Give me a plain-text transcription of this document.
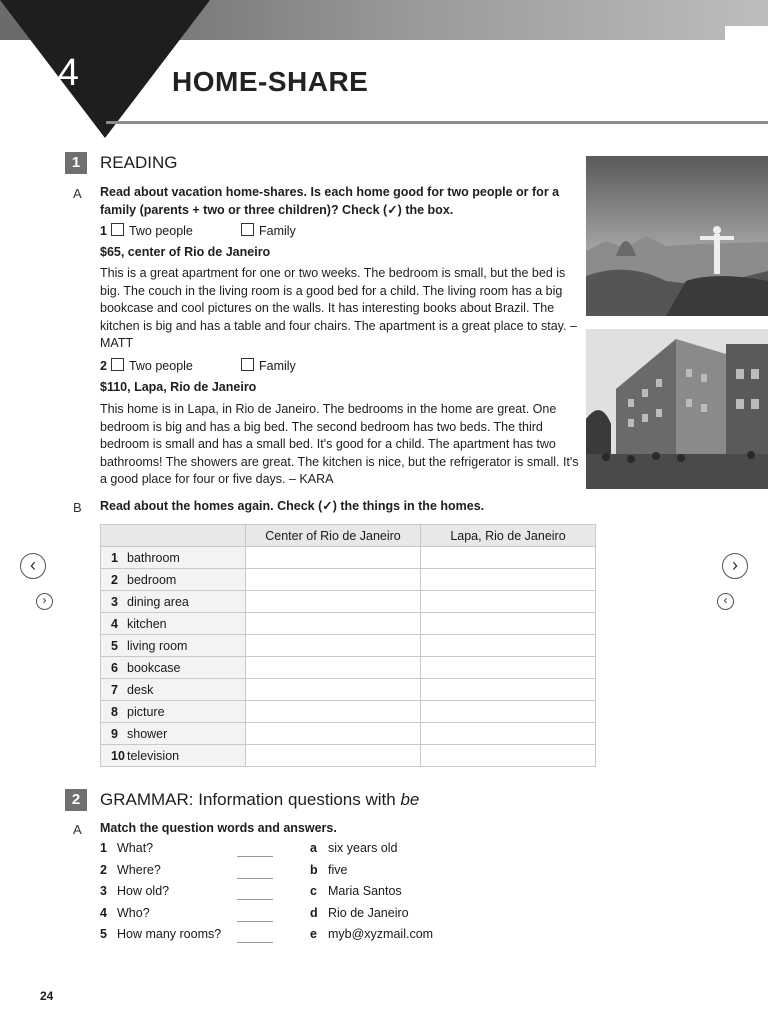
3.4	HOME-SHARE
1	READING
A Read about vacation home-shares. Is each home good for two people or for a family (parents + two or three children)? Check (✓) the box.
1 Two people	Family
$65, center of Rio de Janeiro
This is a great apartment for one or two weeks. The bedroom is small, but the bed is big. The couch in the living room is a good bed for a child. The living room has a big bookcase and cool pictures on the walls. It has interesting books about Brazil. The kitchen is big and has a table and four chairs. The apartment is a great place to stay. – MATT
2 Two people	Family
$110, Lapa, Rio de Janeiro
This home is in Lapa, in Rio de Janeiro. The bedrooms in the home are great. One bedroom is big and has a big bed. The second bedroom has two beds. The third bedroom is small and has a small bed. It's good for a child. The apartment has two bathrooms! The showers are great. The kitchen is nice, but the refrigerator is small. It's a good place for four or five days. – KARA
B Read about the homes again. Check (✓) the things in the homes.
	Center of Rio de Janeiro	Lapa, Rio de Janeiro
1 bathroom		
2 bedroom		
3 dining area		
4 kitchen		
5 living room		
6 bookcase		
7 desk		
8 picture		
9 shower		
10 television		
‹
›
›
‹
2	GRAMMAR: Information questions with be
A Match the question words and answers.
1 What?	a six years old
2 Where?	b five
3 How old?	c Maria Santos
4 Who?	d Rio de Janeiro
5 How many rooms?	e myb@xyzmail.com
24
